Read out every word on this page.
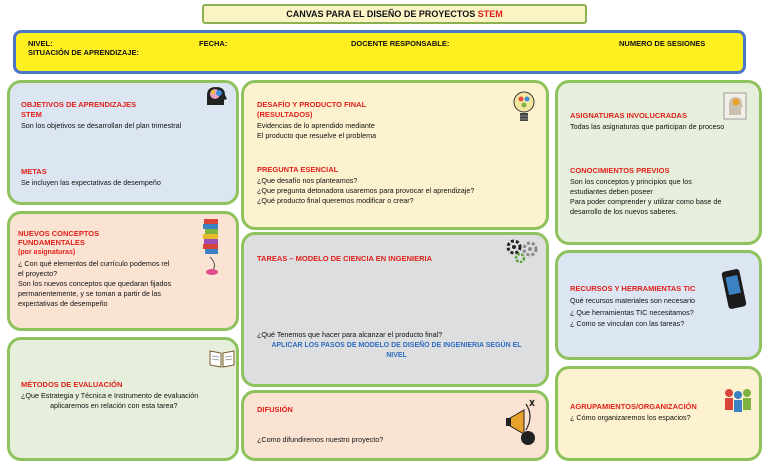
CANVAS PARA EL DISEÑO DE PROYECTOS STEM
NIVEL:	FECHA:	DOCENTE RESPONSABLE:	NUMERO DE SESIONES
SITUACIÓN DE APRENDIZAJE:
OBJETIVOS DE APRENDIZAJES
STEM
Son los objetivos se desarrollan del plan trimestral
METAS
Se incluyen las expectativas de desempeño
NUEVOS CONCEPTOS
FUNDAMENTALES
(por asignaturas)
¿ Con qué elementos del currículo podemos rel
el proyecto?
Son los nuevos conceptos que quedaran fijados
permanentemente, y se toman a partir de las
expectativas de desempeño
MÉTODOS DE EVALUACIÓN
¿Que Estrategia y Técnica e Instrumento de evaluación
aplicaremos en relación con esta tarea?
DESAFÍO Y PRODUCTO FINAL
(RESULTADOS)
Evidencias de lo aprendido mediante
El producto que resuelve el problema
PREGUNTA ESENCIAL
¿Que desafío nos planteamos?
¿Que pregunta detonadora usaremos para provocar el aprendizaje?
¿Qué producto final queremos modificar o crear?
TAREAS – MODELO DE CIENCIA EN INGENIERIA
¿Qué Tenemos que hacer para alcanzar el producto final?
APLICAR LOS PASOS DE MODELO DE DISEÑO DE INGENIERIA SEGÚN EL
NIVEL
DIFUSIÓN
¿Como difundiremos nuestro proyecto?
ASIGNATURAS INVOLUCRADAS
Todas las asignaturas que participan de proceso
CONOCIMIENTOS PREVIOS
Son los conceptos y principios que los
estudiantes deben poseer
Para poder comprender y utilizar como base de
desarrollo de los nuevos saberes.
RECURSOS Y HERRAMIENTAS TIC
Qué recursos materiales son necesario
¿ Que herramientas TIC necesitamos?
¿ Como se vinculan con las tareas?
AGRUPAMIENTOS/ORGANIZACIÓN
¿ Cómo organizaremos los espacios?
